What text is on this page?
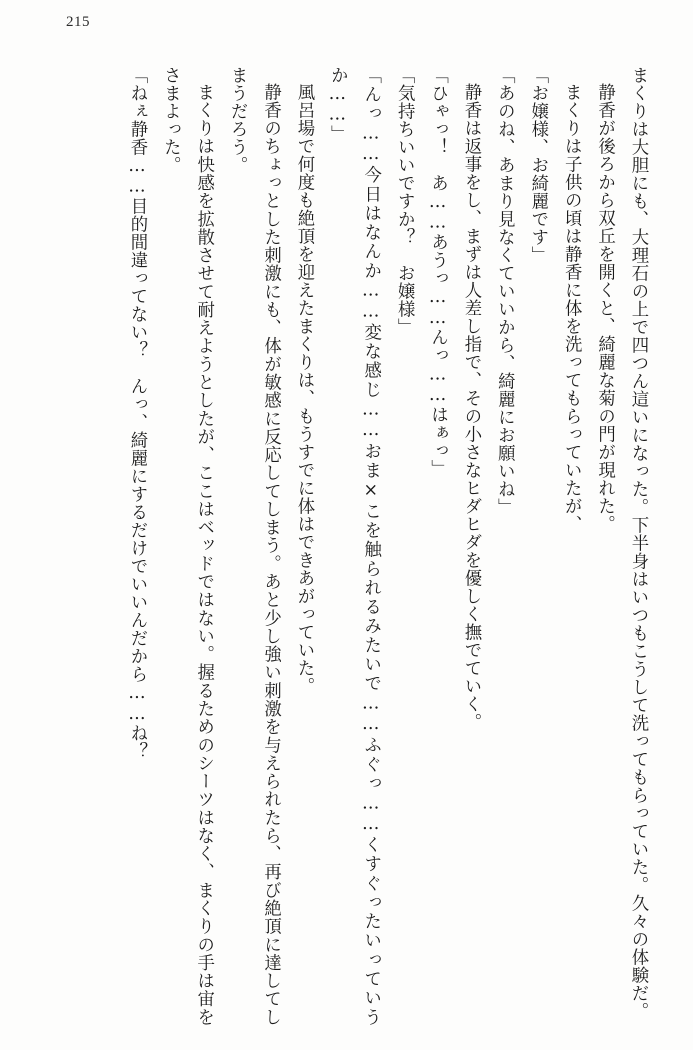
215

まくりは大胆にも、大理石の上で四つん這いになった。下半身はいつもこうして洗ってもらっていた。久々の体験だ。

静香が後ろから双丘を開くと、綺麗な菊の門が現れた。

まくりは子供の頃は静香に体を洗ってもらっていたが、

「お嬢様、お綺麗です」

「あのね、あまり見なくていいから、綺麗にお願いね」

静香は返事をし、まずは人差し指で、その小さなヒダヒダを優しく撫でていく。

「ひゃっ！　あ……あうっ……んっ……はぁっ」

「気持ちいいですか？　お嬢様」

「んっ……今日はなんか……変な感じ……おま×こを触られるみたいで……ふぐっ……くすぐったいっていうか……」

風呂場で何度も絶頂を迎えたまくりは、もうすでに体はできあがっていた。

静香のちょっとした刺激にも、体が敏感に反応してしまう。あと少し強い刺激を与えられたら、再び絶頂に達してしまうだろう。

まくりは快感を拡散させて耐えようとしたが、ここはベッドではない。握るためのシーツはなく、まくりの手は宙をさまよった。

「ねぇ静香……目的間違ってない？　んっ、綺麗にするだけでいいんだから……ね？
